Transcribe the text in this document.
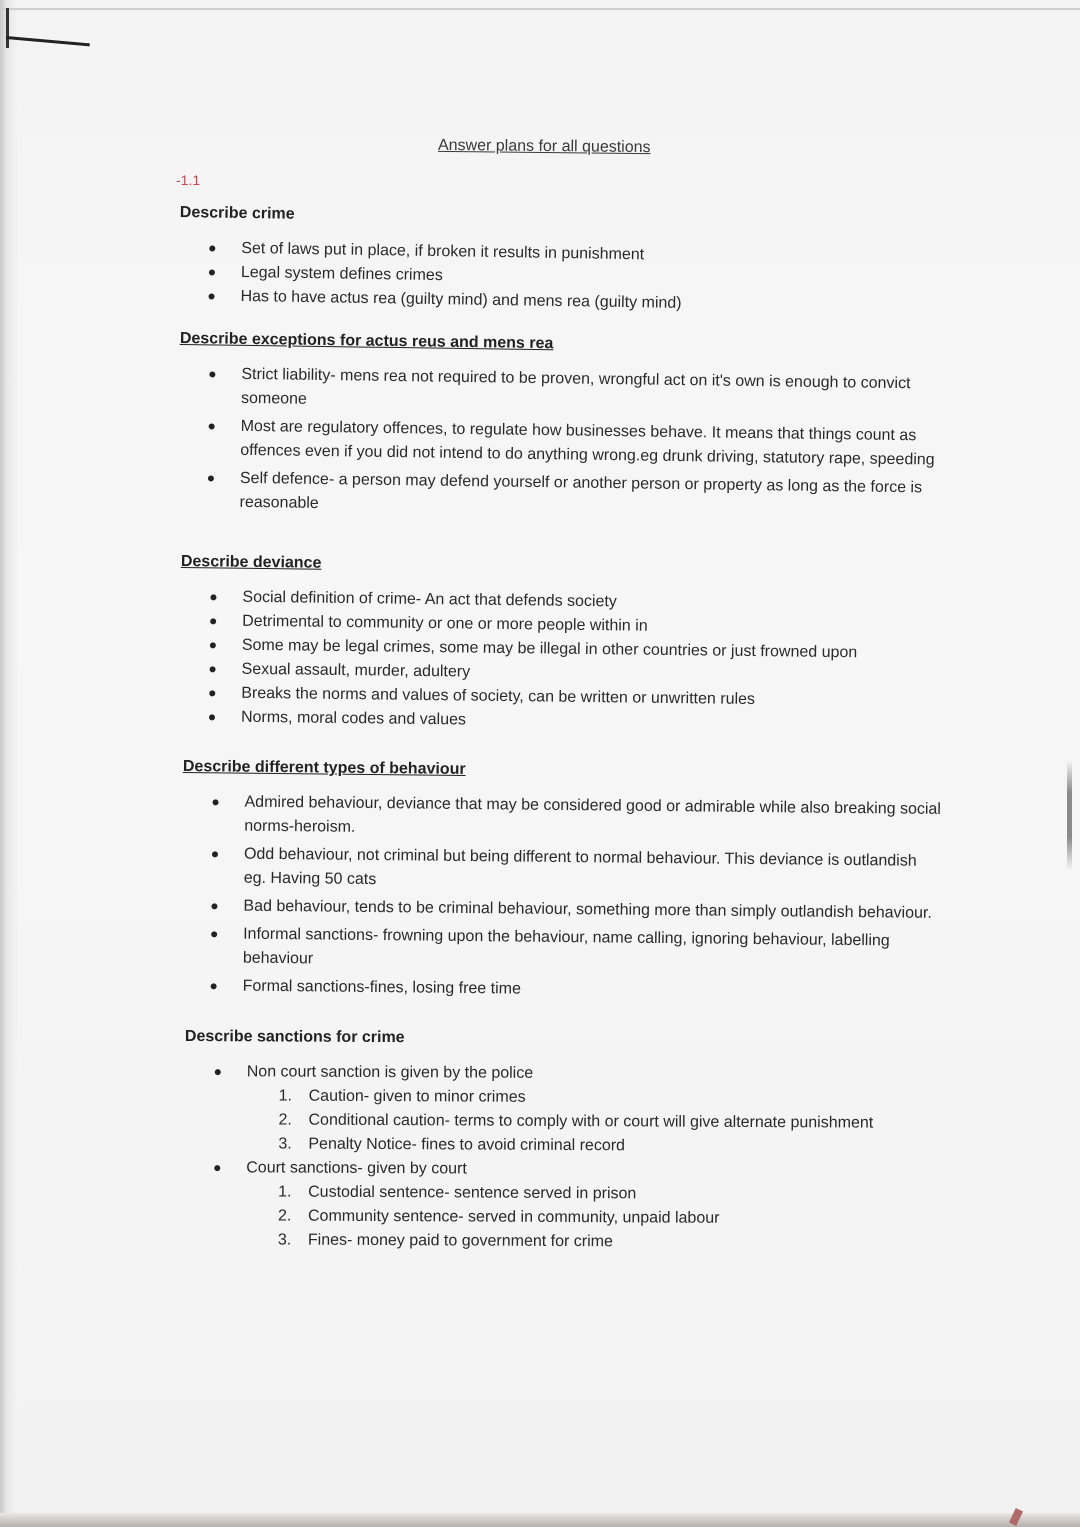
Answer plans for all questions
-1.1
Describe crime
Set of laws put in place, if broken it results in punishment
Legal system defines crimes
Has to have actus rea (guilty mind) and mens rea (guilty mind)
Describe exceptions for actus reus and mens rea
Strict liability- mens rea not required to be proven, wrongful act on it's own is enough to convict someone
Most are regulatory offences, to regulate how businesses behave. It means that things count as offences even if you did not intend to do anything wrong.eg drunk driving, statutory rape, speeding
Self defence- a person may defend yourself or another person or property as long as the force is reasonable
Describe deviance
Social definition of crime- An act that defends society
Detrimental to community or one or more people within in
Some may be legal crimes, some may be illegal in other countries or just frowned upon
Sexual assault, murder, adultery
Breaks the norms and values of society, can be written or unwritten rules
Norms, moral codes and values
Describe different types of behaviour
Admired behaviour, deviance that may be considered good or admirable while also breaking social norms-heroism.
Odd behaviour, not criminal but being different to normal behaviour. This deviance is outlandish eg. Having 50 cats
Bad behaviour, tends to be criminal behaviour, something more than simply outlandish behaviour.
Informal sanctions- frowning upon the behaviour, name calling, ignoring behaviour, labelling behaviour
Formal sanctions-fines, losing free time
Describe sanctions for crime
Non court sanction is given by the police
1. Caution- given to minor crimes
2. Conditional caution- terms to comply with or court will give alternate punishment
3. Penalty Notice- fines to avoid criminal record
Court sanctions- given by court
1. Custodial sentence- sentence served in prison
2. Community sentence- served in community, unpaid labour
3. Fines- money paid to government for crime
